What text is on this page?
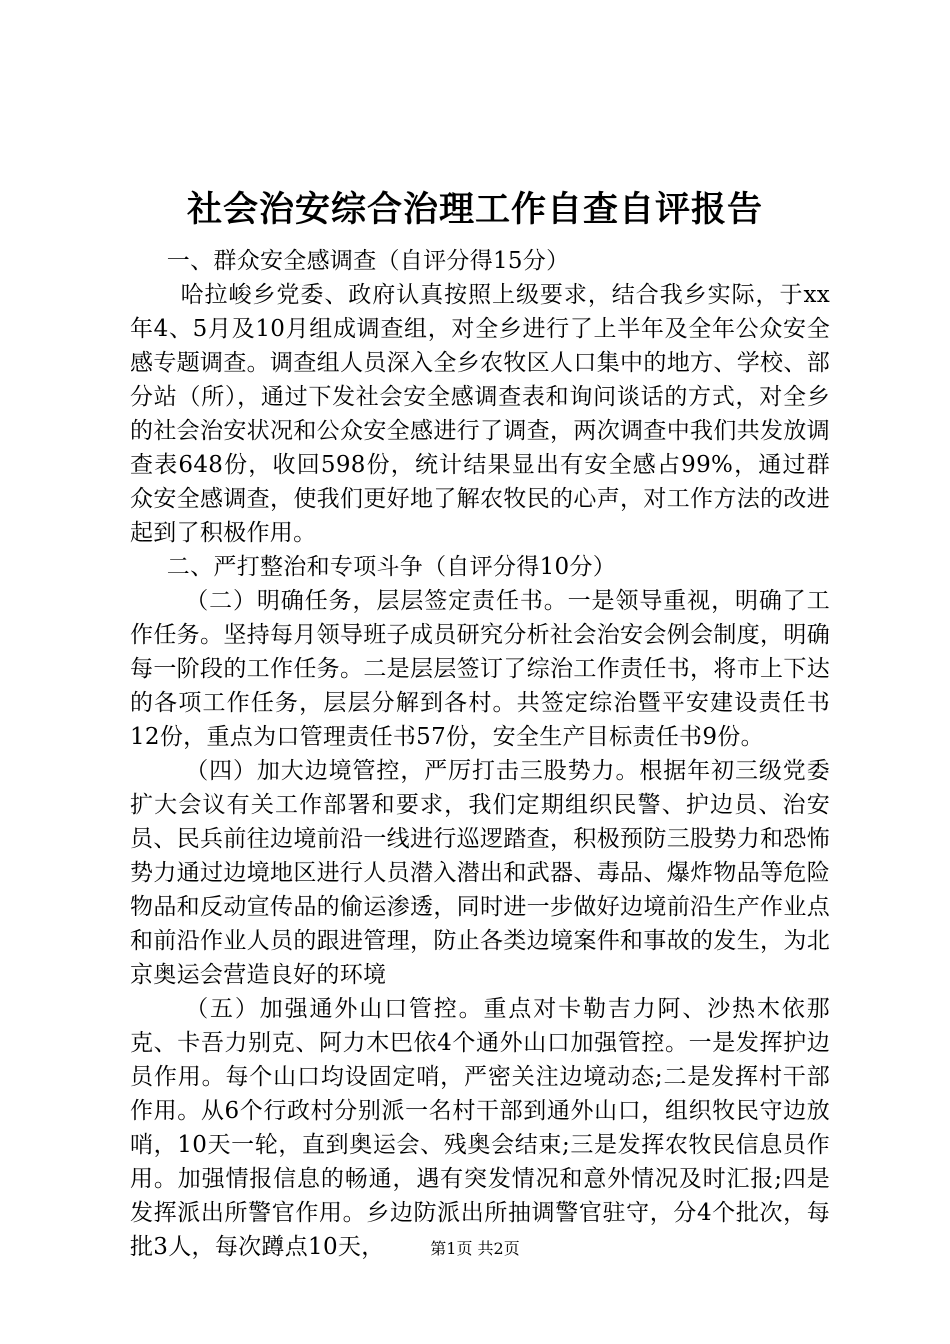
社会治安综合治理工作自查自评报告

一、群众安全感调查（自评分得15分）

哈拉峻乡党委、政府认真按照上级要求，结合我乡实际，于xx年4、5月及10月组成调查组，对全乡进行了上半年及全年公众安全感专题调查。调查组人员深入全乡农牧区人口集中的地方、学校、部分站（所），通过下发社会安全感调查表和询问谈话的方式，对全乡的社会治安状况和公众安全感进行了调查，两次调查中我们共发放调查表648份，收回598份，统计结果显出有安全感占99%，通过群众安全感调查，使我们更好地了解农牧民的心声，对工作方法的改进起到了积极作用。

二、严打整治和专项斗争（自评分得10分）

（二）明确任务，层层签定责任书。一是领导重视，明确了工作任务。坚持每月领导班子成员研究分析社会治安会例会制度，明确每一阶段的工作任务。二是层层签订了综治工作责任书，将市上下达的各项工作任务，层层分解到各村。共签定综治暨平安建设责任书12份，重点为口管理责任书57份，安全生产目标责任书9份。

（四）加大边境管控，严厉打击三股势力。根据年初三级党委扩大会议有关工作部署和要求，我们定期组织民警、护边员、治安员、民兵前往边境前沿一线进行巡逻踏查，积极预防三股势力和恐怖势力通过边境地区进行人员潜入潜出和武器、毒品、爆炸物品等危险物品和反动宣传品的偷运渗透，同时进一步做好边境前沿生产作业点和前沿作业人员的跟进管理，防止各类边境案件和事故的发生，为北京奥运会营造良好的环境

（五）加强通外山口管控。重点对卡勒吉力阿、沙热木依那克、卡吾力别克、阿力木巴依4个通外山口加强管控。一是发挥护边员作用。每个山口均设固定哨，严密关注边境动态;二是发挥村干部作用。从6个行政村分别派一名村干部到通外山口，组织牧民守边放哨，10天一轮，直到奥运会、残奥会结束;三是发挥农牧民信息员作用。加强情报信息的畅通，遇有突发情况和意外情况及时汇报;四是发挥派出所警官作用。乡边防派出所抽调警官驻守，分4个批次，每批3人，每次蹲点10天，	第1页 共2页
